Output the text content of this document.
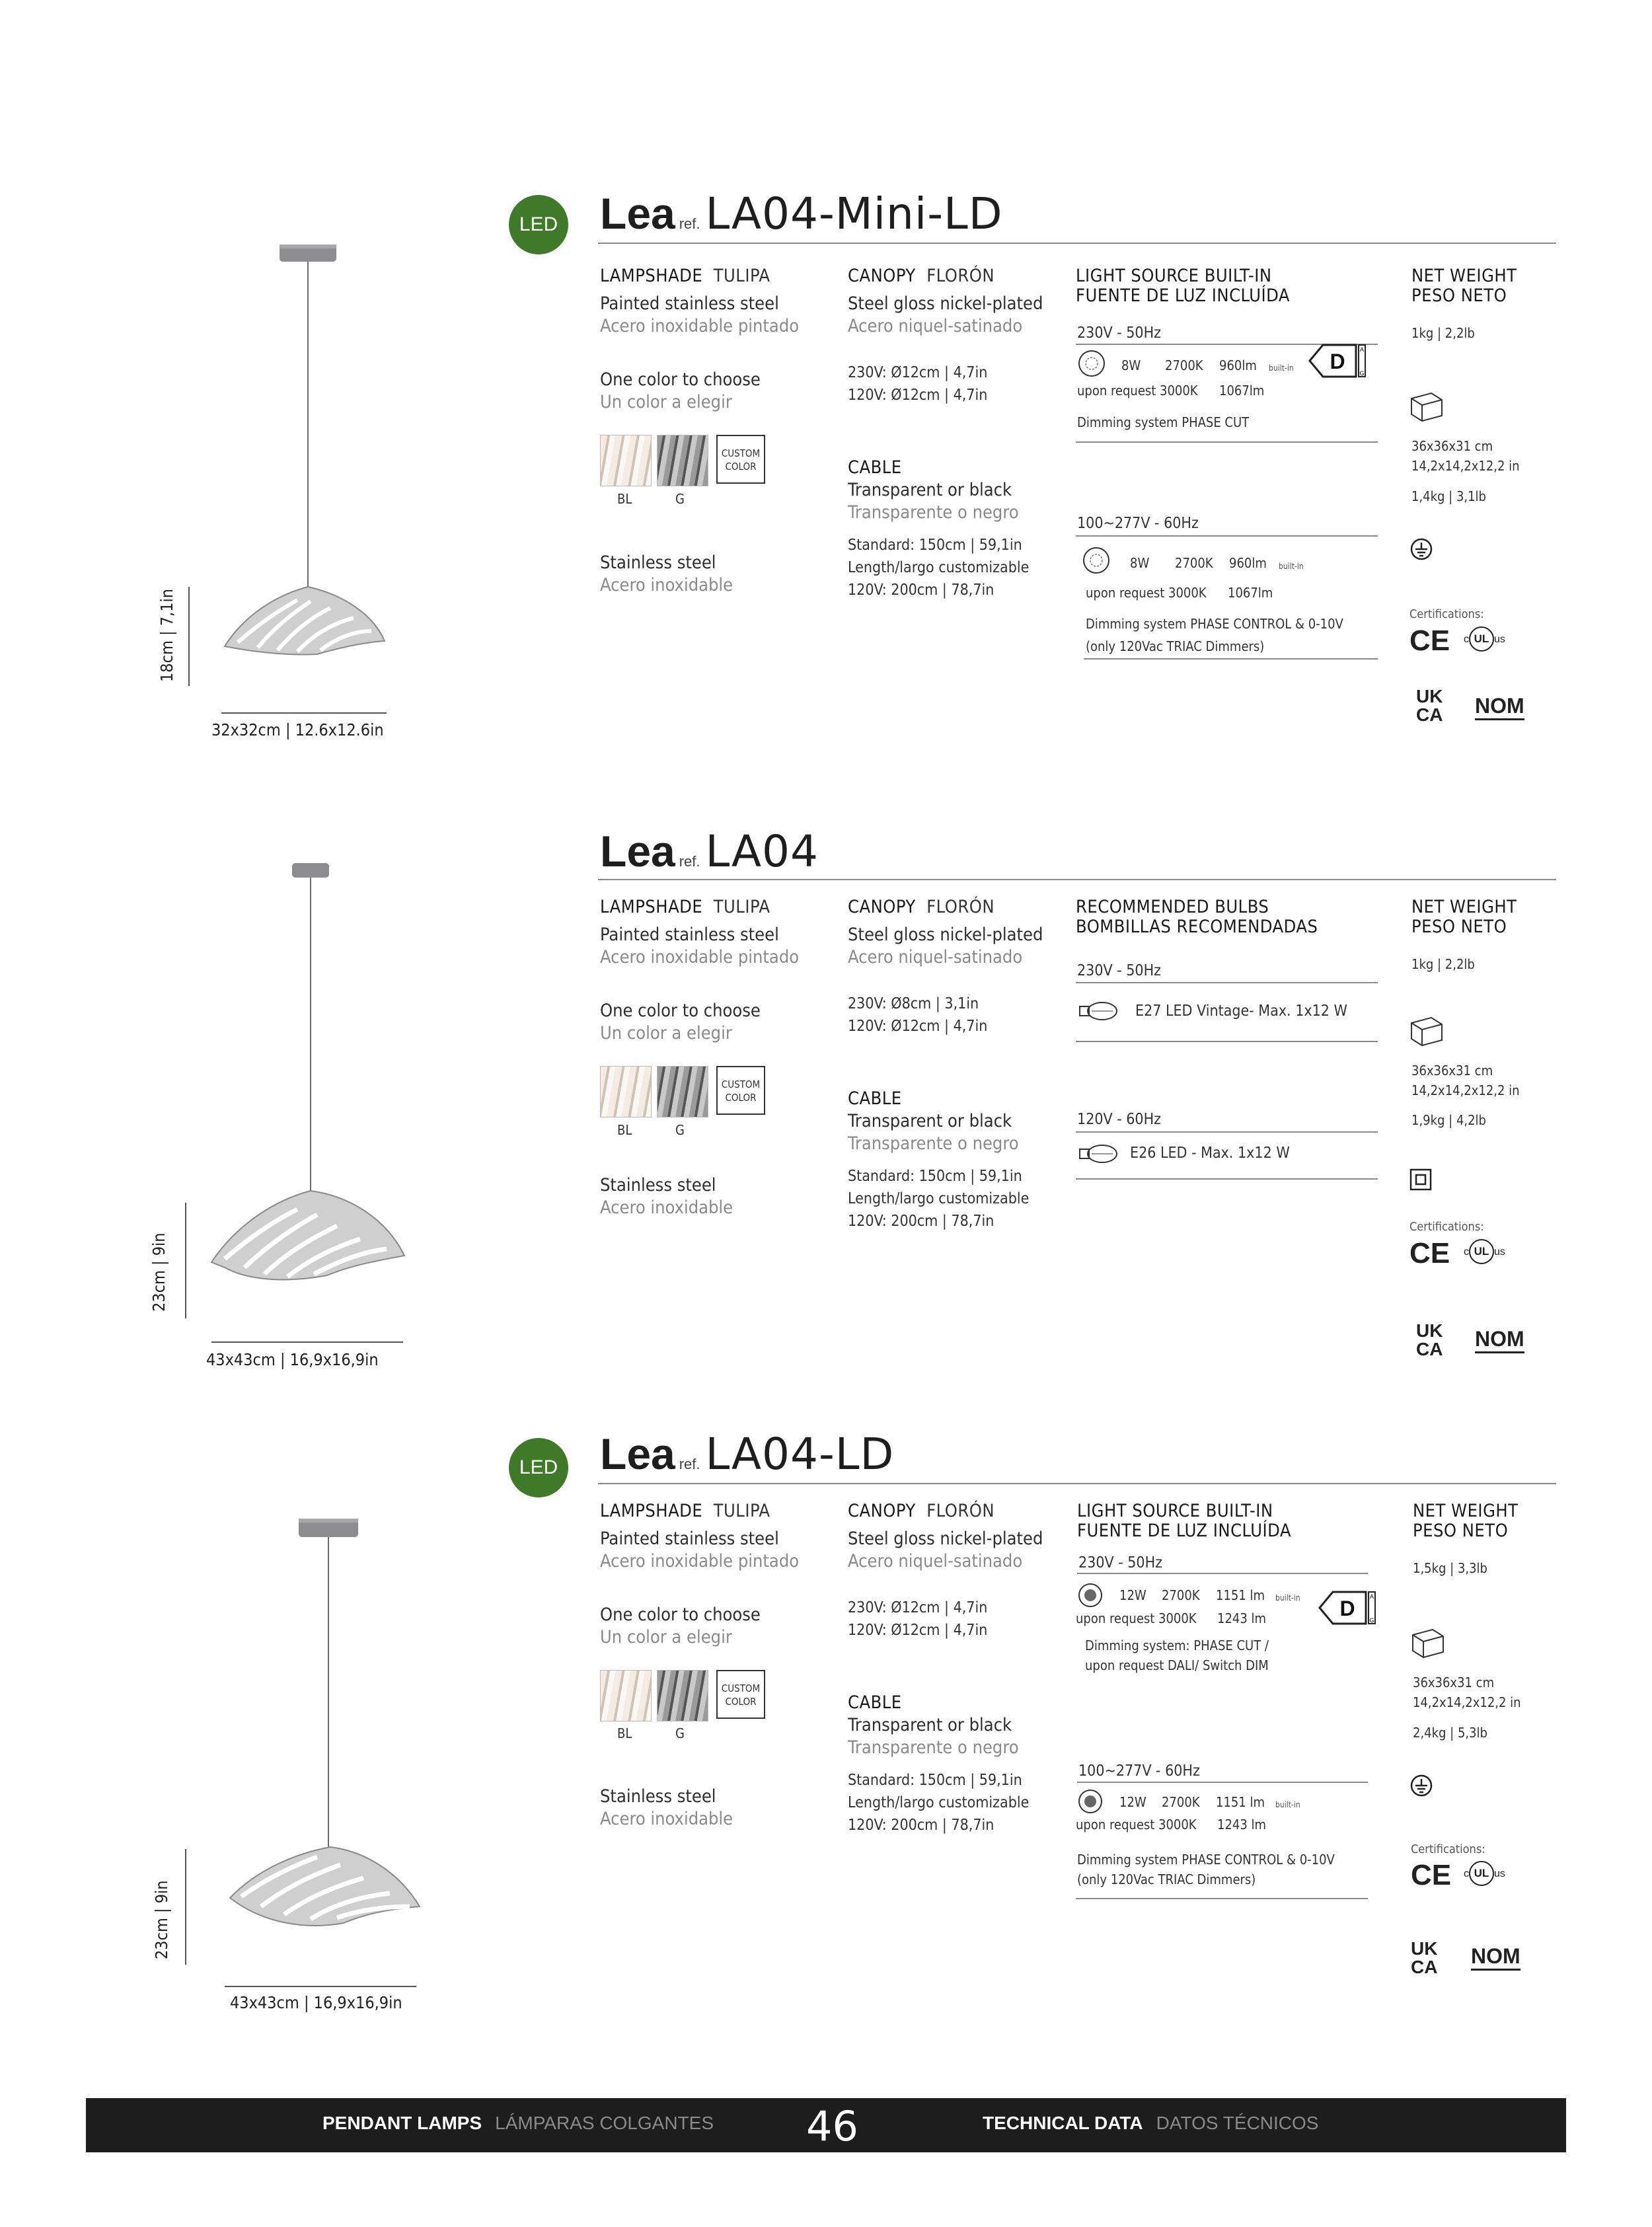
18cm | 7,1in
32x32cm | 12.6x12.6in
LED Lea ref. LA04-Mini-LD
LAMPSHADE TULIPA
Painted stainless steel
Acero inoxidable pintado
One color to choose
Un color a elegir
CUSTOM
COLOR
BL	G
Stainless steel
Acero inoxidable
CANOPY FLORÓN
Steel gloss nickel-plated
Acero niquel-satinado
230V: Ø12cm | 4,7in
120V: Ø12cm | 4,7in
CABLE
Transparent or black
Transparente o negro
Standard: 150cm | 59,1in
Length/largo customizable
120V: 200cm | 78,7in
LIGHT SOURCE BUILT-IN
FUENTE DE LUZ INCLUÍDA
230V - 50Hz
8W 2700K 960lm built-in D A
G
upon request 3000K 1067lm
Dimming system PHASE CUT
100~277V - 60Hz
8W 2700K 960lm built-in
upon request 3000K 1067lm
Dimming system PHASE CONTROL & 0-10V
(only 120Vac TRIAC Dimmers)
NET WEIGHT
PESO NETO
1kg | 2,2lb
36x36x31 cm
14,2x14,2x12,2 in
1,4kg | 3,1lb
Certifications:
CE c UL us
UK
CA NOM
23cm | 9in
43x43cm | 16,9x16,9in
Lea ref. LA04
LAMPSHADE TULIPA
Painted stainless steel
Acero inoxidable pintado
One color to choose
Un color a elegir
CUSTOM
COLOR
BL	G
Stainless steel
Acero inoxidable
CANOPY FLORÓN
Steel gloss nickel-plated
Acero niquel-satinado
230V: Ø8cm | 3,1in
120V: Ø12cm | 4,7in
CABLE
Transparent or black
Transparente o negro
Standard: 150cm | 59,1in
Length/largo customizable
120V: 200cm | 78,7in
RECOMMENDED BULBS
BOMBILLAS RECOMENDADAS
230V - 50Hz
E27 LED Vintage- Max. 1x12 W
120V - 60Hz
E26 LED - Max. 1x12 W
NET WEIGHT
PESO NETO
1kg | 2,2lb
36x36x31 cm
14,2x14,2x12,2 in
1,9kg | 4,2lb
Certifications:
CE c UL us
UK
CA NOM
23cm | 9in
43x43cm | 16,9x16,9in
LED Lea ref. LA04-LD
LAMPSHADE TULIPA
Painted stainless steel
Acero inoxidable pintado
One color to choose
Un color a elegir
CUSTOM
COLOR
BL	G
Stainless steel
Acero inoxidable
CANOPY FLORÓN
Steel gloss nickel-plated
Acero niquel-satinado
230V: Ø12cm | 4,7in
120V: Ø12cm | 4,7in
CABLE
Transparent or black
Transparente o negro
Standard: 150cm | 59,1in
Length/largo customizable
120V: 200cm | 78,7in
LIGHT SOURCE BUILT-IN
FUENTE DE LUZ INCLUÍDA
230V - 50Hz
12W 2700K 1151 lm built-in D A
G
upon request 3000K 1243 lm
Dimming system: PHASE CUT /
upon request DALI/ Switch DIM
100~277V - 60Hz
12W 2700K 1151 lm built-in
upon request 3000K 1243 lm
Dimming system PHASE CONTROL & 0-10V
(only 120Vac TRIAC Dimmers)
NET WEIGHT
PESO NETO
1,5kg | 3,3lb
36x36x31 cm
14,2x14,2x12,2 in
2,4kg | 5,3lb
Certifications:
CE c UL us
UK
CA NOM
PENDANT LAMPS LÁMPARAS COLGANTES 46	TECHNICAL DATA DATOS TÉCNICOS
